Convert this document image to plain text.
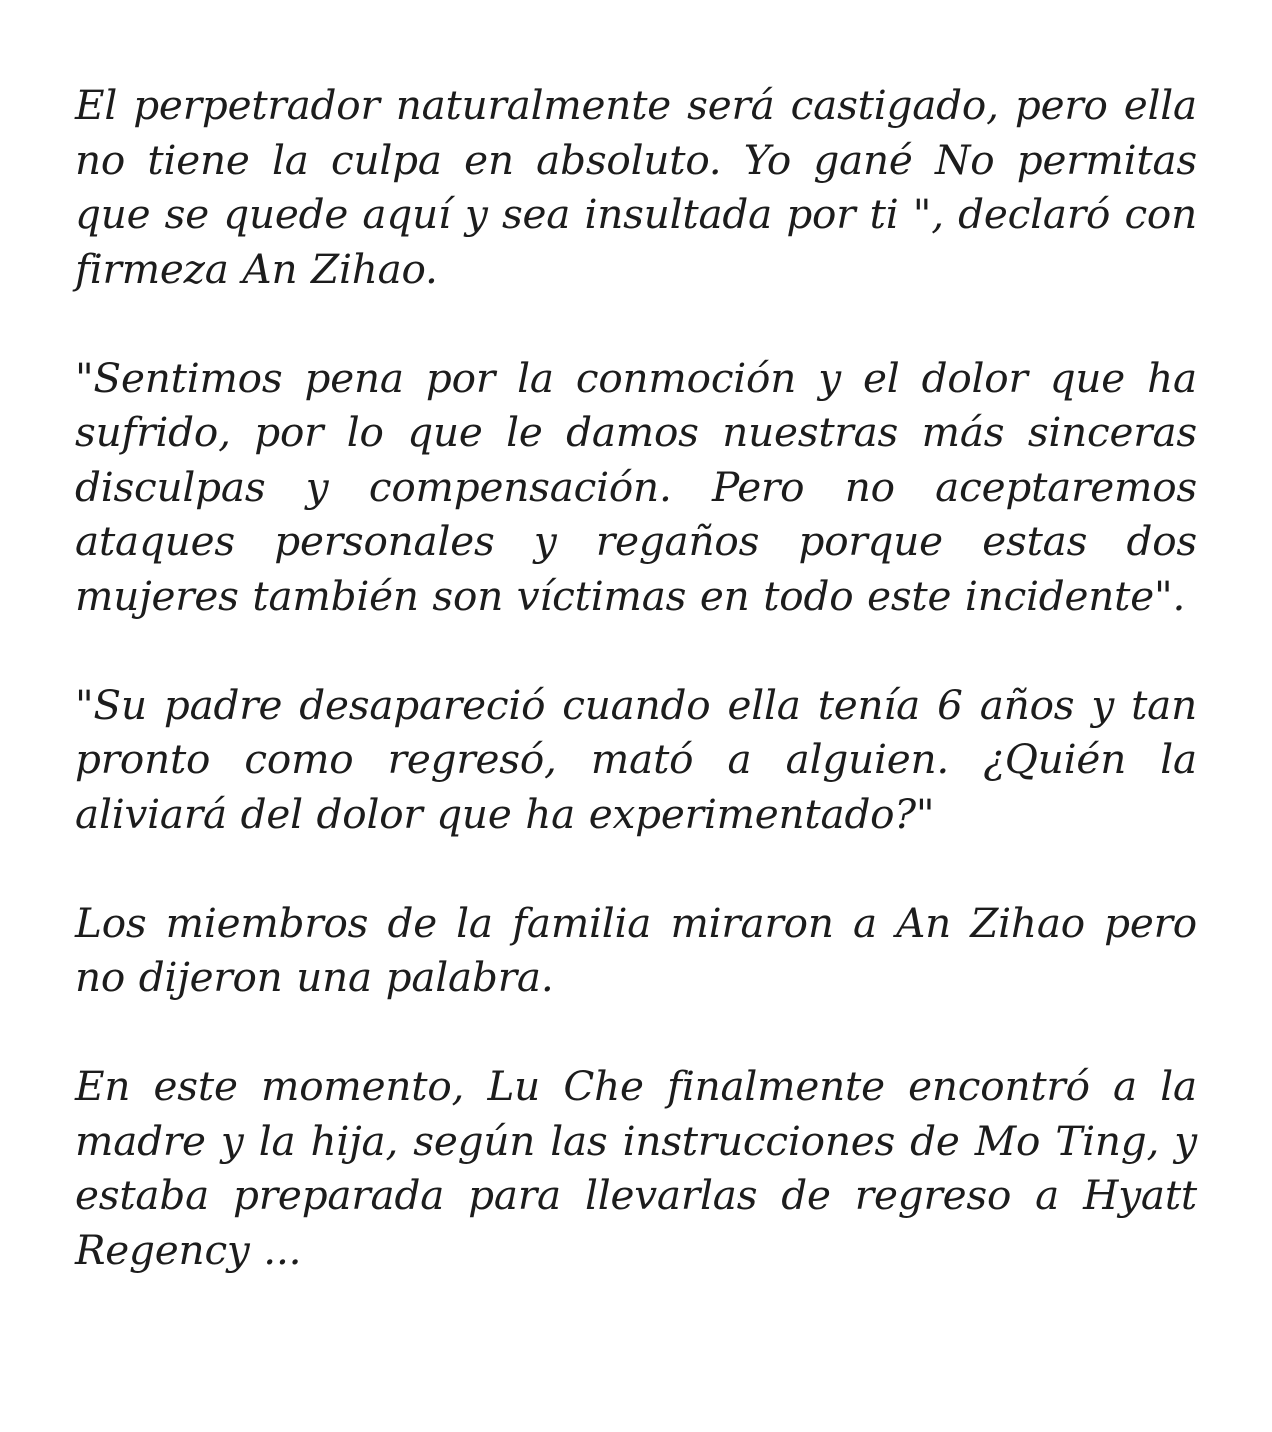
El perpetrador naturalmente será castigado, pero ella no tiene la culpa en absoluto. Yo gané No permitas que se quede aquí y sea insultada por ti ", declaró con firmeza An Zihao.

"Sentimos pena por la conmoción y el dolor que ha sufrido, por lo que le damos nuestras más sinceras disculpas y compensación. Pero no aceptaremos ataques personales y regaños porque estas dos mujeres también son víctimas en todo este incidente".

"Su padre desapareció cuando ella tenía 6 años y tan pronto como regresó, mató a alguien. ¿Quién la aliviará del dolor que ha experimentado?"

Los miembros de la familia miraron a An Zihao pero no dijeron una palabra.

En este momento, Lu Che finalmente encontró a la madre y la hija, según las instrucciones de Mo Ting, y estaba preparada para llevarlas de regreso a Hyatt Regency ...
